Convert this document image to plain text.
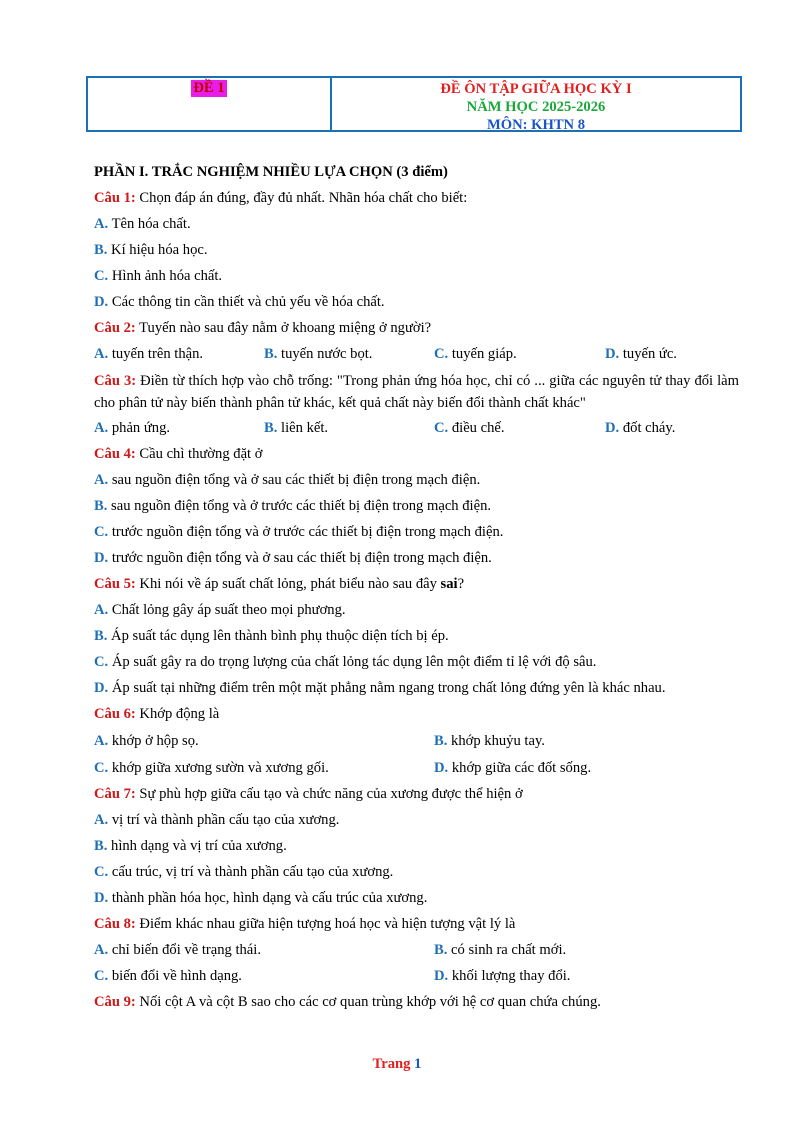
ĐỀ 1	ĐỀ ÔN TẬP GIỮA HỌC KỲ I
NĂM HỌC 2025-2026
MÔN: KHTN 8
PHẦN I. TRẮC NGHIỆM NHIỀU LỰA CHỌN (3 điểm)
Câu 1: Chọn đáp án đúng, đầy đủ nhất. Nhãn hóa chất cho biết:
A. Tên hóa chất.
B. Kí hiệu hóa học.
C. Hình ảnh hóa chất.
D. Các thông tin cần thiết và chủ yếu về hóa chất.
Câu 2: Tuyến nào sau đây nằm ở khoang miệng ở người?
A. tuyến trên thận.	B. tuyến nước bọt.	C. tuyến giáp.	D. tuyến ức.
Câu 3: Điền từ thích hợp vào chỗ trống: "Trong phản ứng hóa học, chỉ có ... giữa các nguyên tử thay đổi làm cho phân tử này biến thành phân tử khác, kết quả chất này biến đổi thành chất khác"
A. phản ứng.	B. liên kết.	C. điều chế.	D. đốt cháy.
Câu 4: Cầu chì thường đặt ở
A. sau nguồn điện tổng và ở sau các thiết bị điện trong mạch điện.
B. sau nguồn điện tổng và ở trước các thiết bị điện trong mạch điện.
C. trước nguồn điện tổng và ở trước các thiết bị điện trong mạch điện.
D. trước nguồn điện tổng và ở sau các thiết bị điện trong mạch điện.
Câu 5: Khi nói về áp suất chất lỏng, phát biểu nào sau đây sai?
A. Chất lỏng gây áp suất theo mọi phương.
B. Áp suất tác dụng lên thành bình phụ thuộc diện tích bị ép.
C. Áp suất gây ra do trọng lượng của chất lỏng tác dụng lên một điểm tỉ lệ với độ sâu.
D. Áp suất tại những điểm trên một mặt phẳng nằm ngang trong chất lỏng đứng yên là khác nhau.
Câu 6: Khớp động là
A. khớp ở hộp sọ.	B. khớp khuỷu tay.
C. khớp giữa xương sườn và xương gối.	D. khớp giữa các đốt sống.
Câu 7: Sự phù hợp giữa cấu tạo và chức năng của xương được thể hiện ở
A. vị trí và thành phần cấu tạo của xương.
B. hình dạng và vị trí của xương.
C. cấu trúc, vị trí và thành phần cấu tạo của xương.
D. thành phần hóa học, hình dạng và cấu trúc của xương.
Câu 8: Điểm khác nhau giữa hiện tượng hoá học và hiện tượng vật lý là
A. chỉ biến đổi về trạng thái.	B. có sinh ra chất mới.
C. biến đổi về hình dạng.	D. khối lượng thay đổi.
Câu 9: Nối cột A và cột B sao cho các cơ quan trùng khớp với hệ cơ quan chứa chúng.
Trang 1
